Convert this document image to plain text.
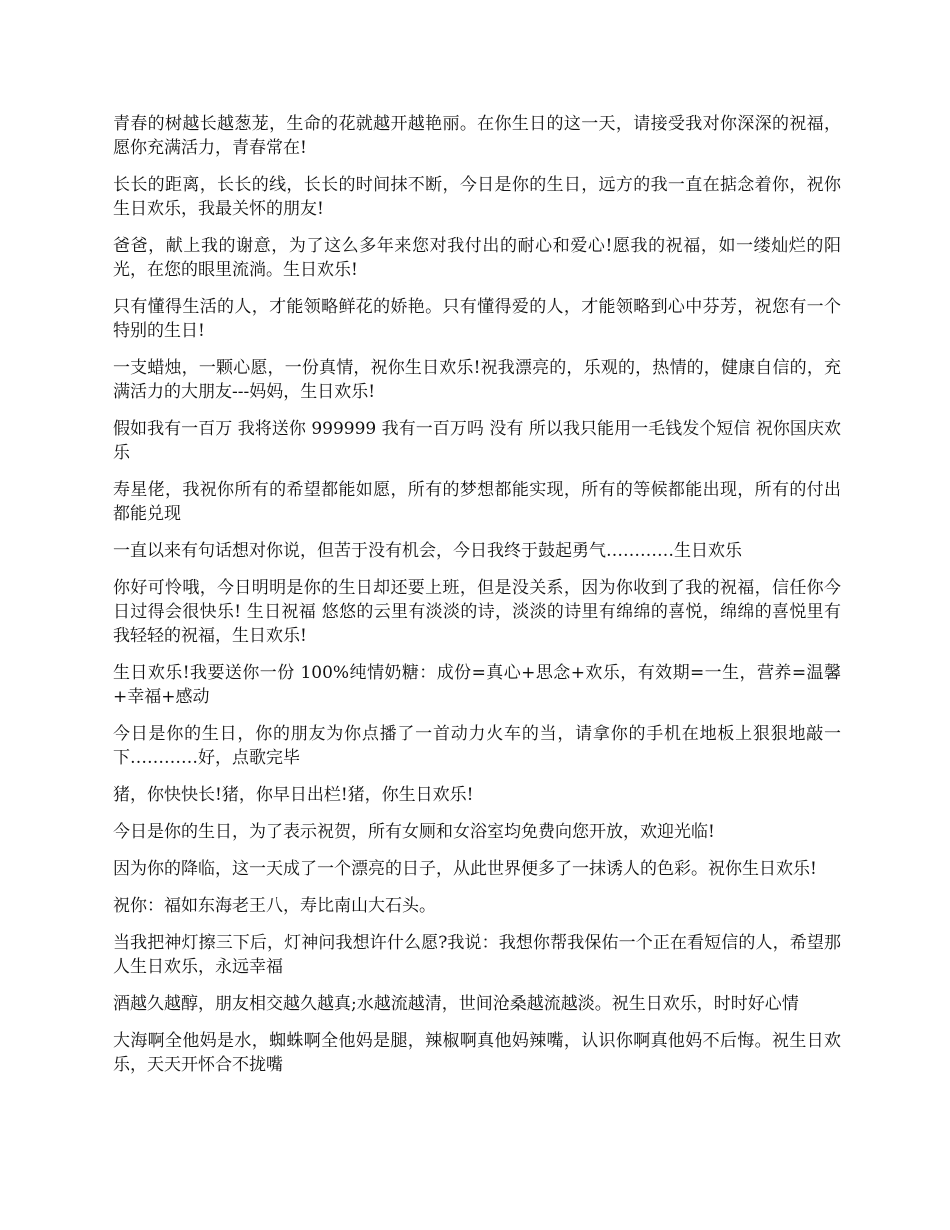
青春的树越长越葱茏，生命的花就越开越艳丽。在你生日的这一天，请接受我对你深深的祝福，愿你充满活力，青春常在!

长长的距离，长长的线，长长的时间抹不断，今日是你的生日，远方的我一直在掂念着你，祝你生日欢乐，我最关怀的朋友!

爸爸，献上我的谢意，为了这么多年来您对我付出的耐心和爱心!愿我的祝福，如一缕灿烂的阳光，在您的眼里流淌。生日欢乐!

只有懂得生活的人，才能领略鲜花的娇艳。只有懂得爱的人，才能领略到心中芬芳，祝您有一个特别的生日!

一支蜡烛，一颗心愿，一份真情，祝你生日欢乐!祝我漂亮的，乐观的，热情的，健康自信的，充满活力的大朋友---妈妈，生日欢乐!

假如我有一百万 我将送你 999999 我有一百万吗 没有 所以我只能用一毛钱发个短信 祝你国庆欢乐

寿星佬，我祝你所有的希望都能如愿，所有的梦想都能实现，所有的等候都能出现，所有的付出都能兑现

一直以来有句话想对你说，但苦于没有机会，今日我终于鼓起勇气…………生日欢乐

你好可怜哦，今日明明是你的生日却还要上班，但是没关系，因为你收到了我的祝福，信任你今日过得会很快乐! 生日祝福 悠悠的云里有淡淡的诗，淡淡的诗里有绵绵的喜悦，绵绵的喜悦里有我轻轻的祝福，生日欢乐!

生日欢乐!我要送你一份 100%纯情奶糖：成份=真心+思念+欢乐，有效期=一生，营养=温馨+幸福+感动

今日是你的生日，你的朋友为你点播了一首动力火车的当，请拿你的手机在地板上狠狠地敲一下…………好，点歌完毕

猪，你快快长!猪，你早日出栏!猪，你生日欢乐!

今日是你的生日，为了表示祝贺，所有女厕和女浴室均免费向您开放，欢迎光临!

因为你的降临，这一天成了一个漂亮的日子，从此世界便多了一抹诱人的色彩。祝你生日欢乐!

祝你：福如东海老王八，寿比南山大石头。

当我把神灯擦三下后，灯神问我想许什么愿?我说：我想你帮我保佑一个正在看短信的人，希望那人生日欢乐，永远幸福

酒越久越醇，朋友相交越久越真;水越流越清，世间沧桑越流越淡。祝生日欢乐，时时好心情

大海啊全他妈是水，蜘蛛啊全他妈是腿，辣椒啊真他妈辣嘴，认识你啊真他妈不后悔。祝生日欢乐，天天开怀合不拢嘴
